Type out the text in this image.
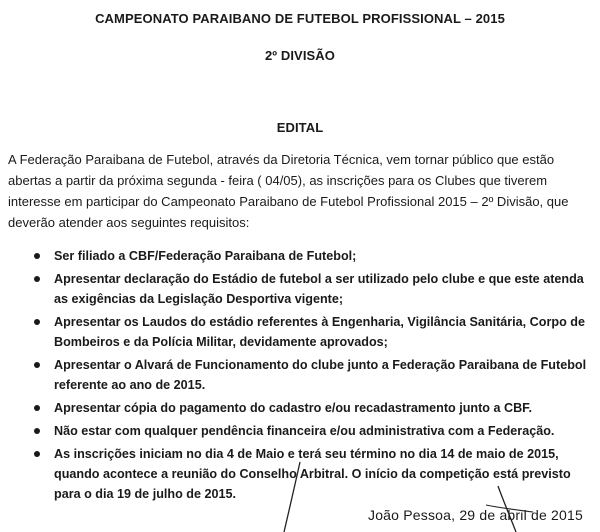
CAMPEONATO PARAIBANO DE FUTEBOL PROFISSIONAL – 2015
2º DIVISÃO
EDITAL
A Federação Paraibana de Futebol, através da Diretoria Técnica, vem tornar público que estão abertas a partir da próxima segunda - feira ( 04/05), as inscrições para os Clubes que tiverem interesse em participar do Campeonato Paraibano de Futebol Profissional 2015 – 2º Divisão, que deverão atender aos seguintes requisitos:
Ser filiado a CBF/Federação Paraibana de Futebol;
Apresentar declaração do Estádio de futebol a ser utilizado pelo clube e que este atenda as exigências da Legislação Desportiva vigente;
Apresentar os Laudos do estádio referentes à Engenharia, Vigilância Sanitária, Corpo de Bombeiros e da Polícia Militar, devidamente aprovados;
Apresentar o Alvará de Funcionamento do clube junto a Federação Paraibana de Futebol referente ao ano de 2015.
Apresentar cópia do pagamento do cadastro e/ou recadastramento junto a CBF.
Não estar com qualquer pendência financeira e/ou administrativa com a Federação.
As inscrições iniciam no dia 4 de Maio e terá seu término no dia 14 de maio de 2015, quando acontece a reunião do Conselho Arbitral. O início da competição está previsto para o dia 19 de julho de 2015.
João Pessoa, 29 de abril de 2015
